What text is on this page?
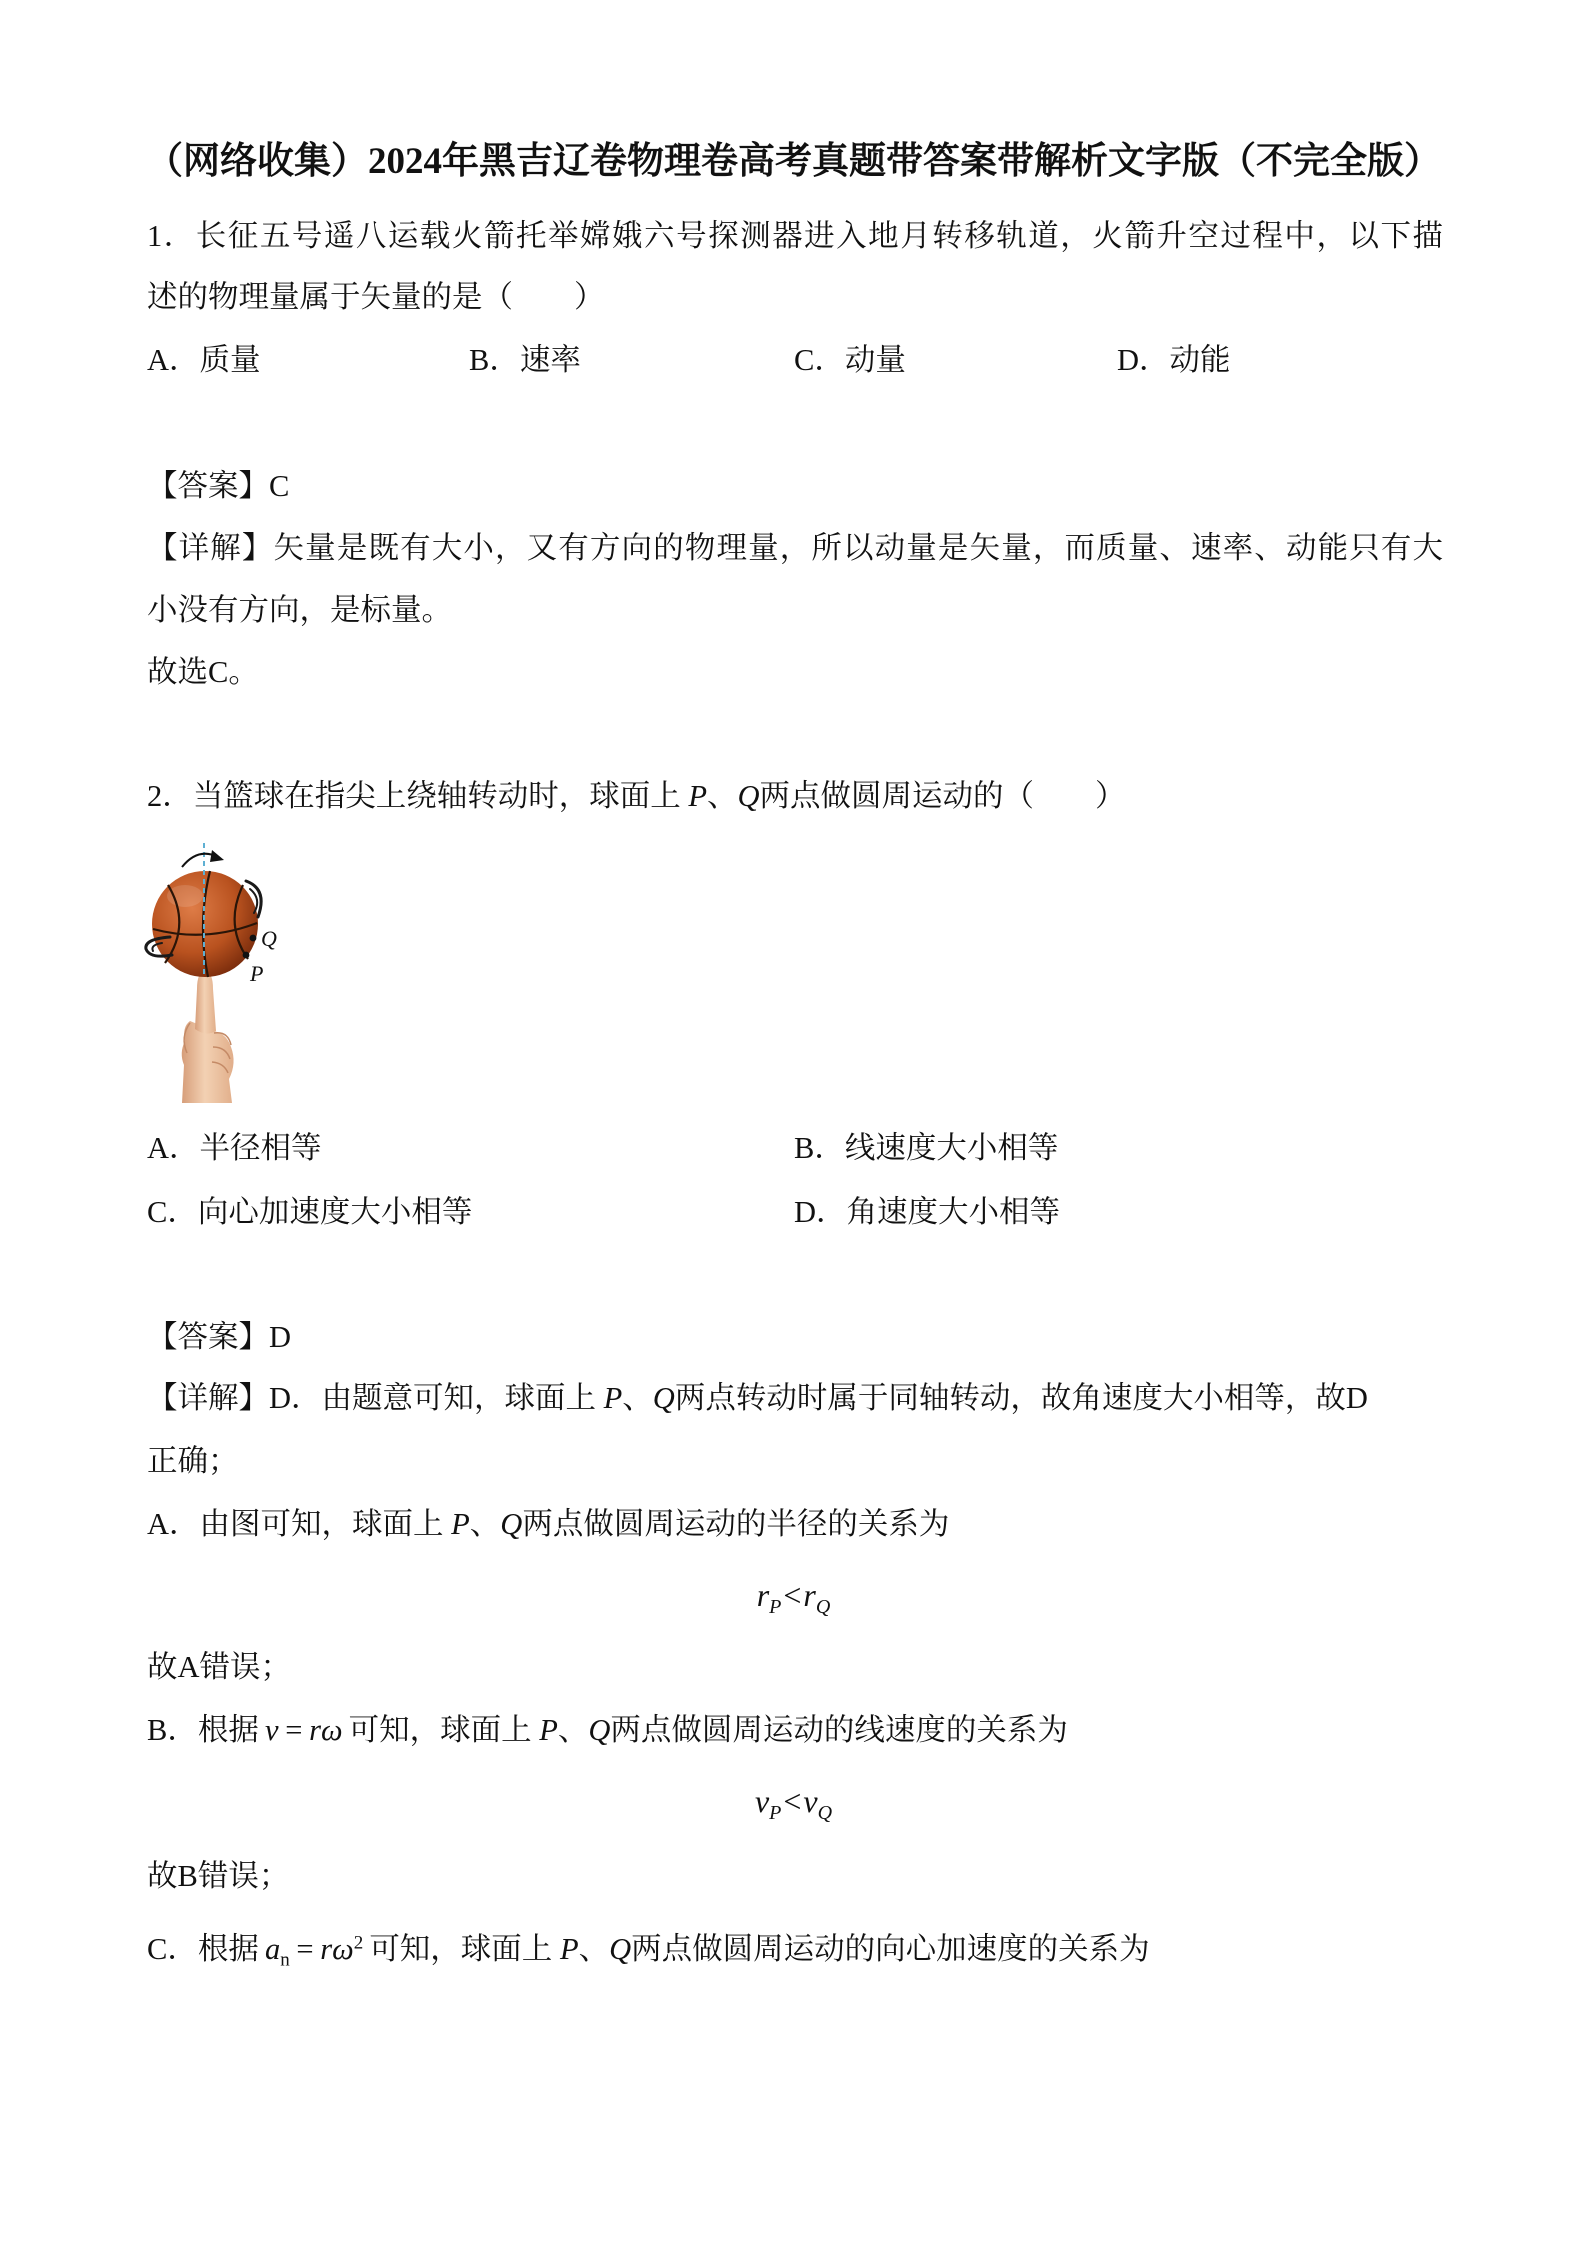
（网络收集）2024年黑吉辽卷物理卷高考真题带答案带解析文字版（不完全版）
1．长征五号遥八运载火箭托举嫦娥六号探测器进入地月转移轨道，火箭升空过程中，以下描
述的物理量属于矢量的是（　　）
A．质量	B．速率	C．动量	D．动能
【答案】C
【详解】矢量是既有大小，又有方向的物理量，所以动量是矢量，而质量、速率、动能只有大
小没有方向，是标量。
故选C。
2．当篮球在指尖上绕轴转动时，球面上 P、Q两点做圆周运动的（　　）
Q
P
A．半径相等	B．线速度大小相等
C．向心加速度大小相等	D．角速度大小相等
【答案】D
【详解】D．由题意可知，球面上 P、Q两点转动时属于同轴转动，故角速度大小相等，故D
正确；
A．由图可知，球面上 P、Q两点做圆周运动的半径的关系为
$r_P<r_Q$
故A错误；
B．根据 v = rω 可知，球面上 P、Q两点做圆周运动的线速度的关系为
$v_P<v_Q$
故B错误；
C．根据 $a_n = r\omega^2$ 可知，球面上 P、Q两点做圆周运动的向心加速度的关系为
